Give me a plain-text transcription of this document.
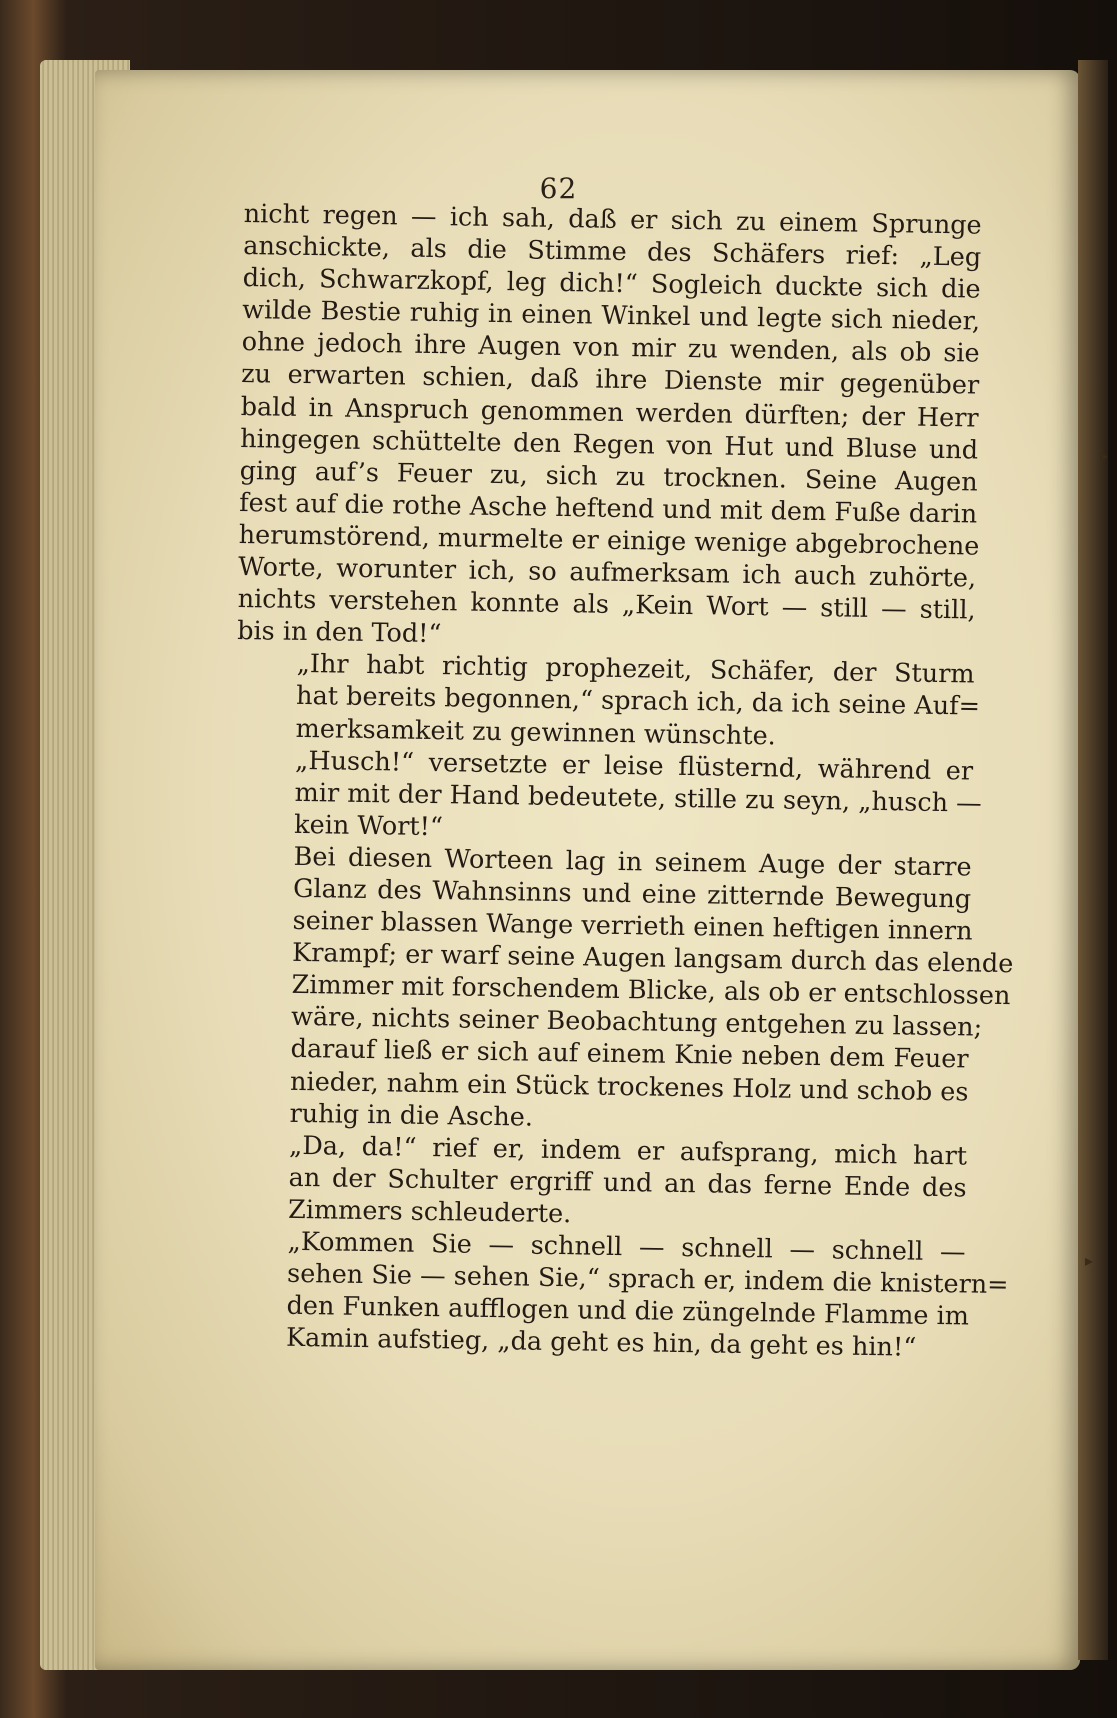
▸
▸
62

nicht regen — ich sah, daß er sich zu einem Sprunge
anschickte, als die Stimme des Schäfers rief: „Leg
dich, Schwarzkopf, leg dich!“ Sogleich duckte sich die
wilde Bestie ruhig in einen Winkel und legte sich nieder,
ohne jedoch ihre Augen von mir zu wenden, als ob sie
zu erwarten schien, daß ihre Dienste mir gegenüber
bald in Anspruch genommen werden dürften; der Herr
hingegen schüttelte den Regen von Hut und Bluse und
ging auf’s Feuer zu, sich zu trocknen. Seine Augen
fest auf die rothe Asche heftend und mit dem Fuße darin
herumstörend, murmelte er einige wenige abgebrochene
Worte, worunter ich, so aufmerksam ich auch zuhörte,
nichts verstehen konnte als „Kein Wort — still — still,
bis in den Tod!“

„Ihr habt richtig prophezeit, Schäfer, der Sturm
hat bereits begonnen,“ sprach ich, da ich seine Auf=
merksamkeit zu gewinnen wünschte.

„Husch!“ versetzte er leise flüsternd, während er
mir mit der Hand bedeutete, stille zu seyn, „husch —
kein Wort!“

Bei diesen Worteen lag in seinem Auge der starre
Glanz des Wahnsinns und eine zitternde Bewegung
seiner blassen Wange verrieth einen heftigen innern
Krampf; er warf seine Augen langsam durch das elende
Zimmer mit forschendem Blicke, als ob er entschlossen
wäre, nichts seiner Beobachtung entgehen zu lassen;
darauf ließ er sich auf einem Knie neben dem Feuer
nieder, nahm ein Stück trockenes Holz und schob es
ruhig in die Asche.

„Da, da!“ rief er, indem er aufsprang, mich hart
an der Schulter ergriff und an das ferne Ende des
Zimmers schleuderte.

„Kommen Sie — schnell — schnell — schnell —
sehen Sie — sehen Sie,“ sprach er, indem die knistern=
den Funken aufflogen und die züngelnde Flamme im
Kamin aufstieg, „da geht es hin, da geht es hin!“
